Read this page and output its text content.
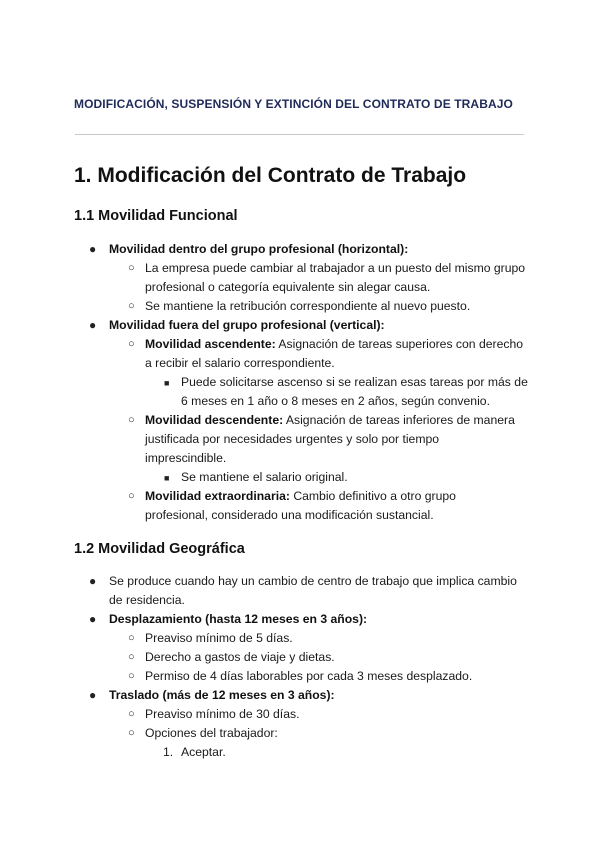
MODIFICACIÓN, SUSPENSIÓN Y EXTINCIÓN DEL CONTRATO DE TRABAJO
1. Modificación del Contrato de Trabajo
1.1 Movilidad Funcional
● Movilidad dentro del grupo profesional (horizontal):
○ La empresa puede cambiar al trabajador a un puesto del mismo grupo
profesional o categoría equivalente sin alegar causa.
○ Se mantiene la retribución correspondiente al nuevo puesto.
● Movilidad fuera del grupo profesional (vertical):
○ Movilidad ascendente: Asignación de tareas superiores con derecho
a recibir el salario correspondiente.
■ Puede solicitarse ascenso si se realizan esas tareas por más de
6 meses en 1 año o 8 meses en 2 años, según convenio.
○ Movilidad descendente: Asignación de tareas inferiores de manera
justificada por necesidades urgentes y solo por tiempo
imprescindible.
■ Se mantiene el salario original.
○ Movilidad extraordinaria: Cambio definitivo a otro grupo
profesional, considerado una modificación sustancial.
1.2 Movilidad Geográfica
● Se produce cuando hay un cambio de centro de trabajo que implica cambio
de residencia.
● Desplazamiento (hasta 12 meses en 3 años):
○ Preaviso mínimo de 5 días.
○ Derecho a gastos de viaje y dietas.
○ Permiso de 4 días laborables por cada 3 meses desplazado.
● Traslado (más de 12 meses en 3 años):
○ Preaviso mínimo de 30 días.
○ Opciones del trabajador:
1. Aceptar.
